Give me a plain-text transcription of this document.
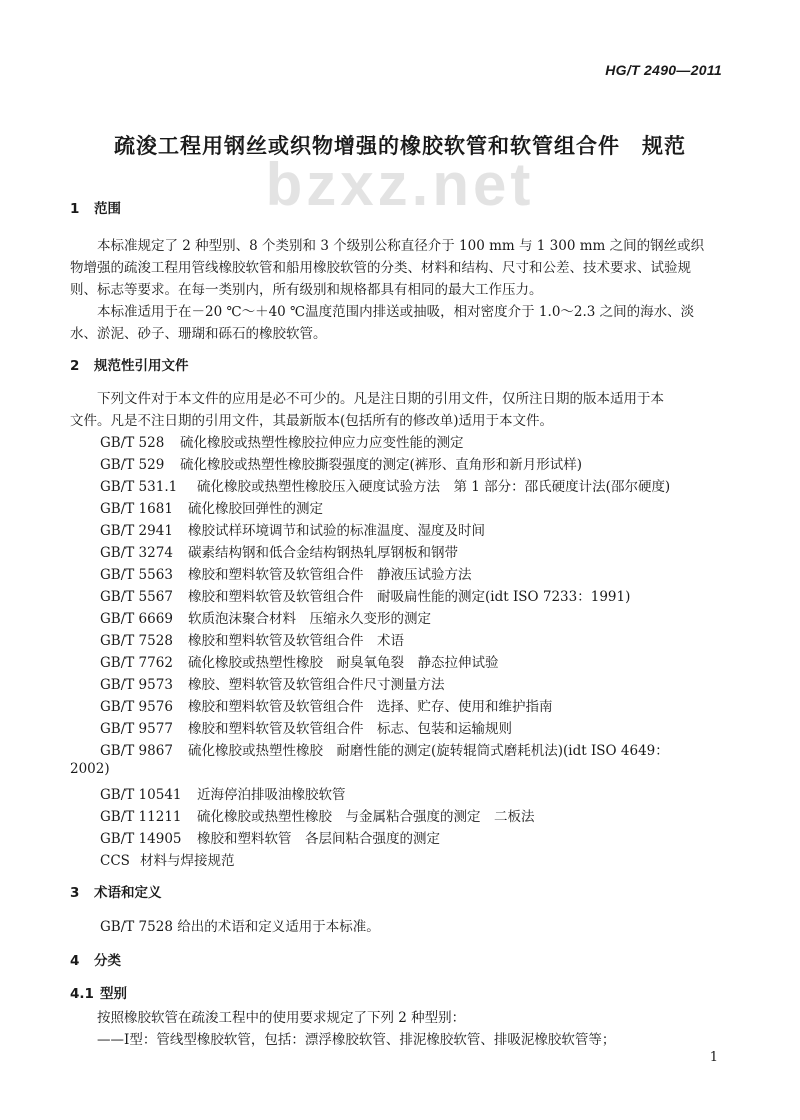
HG/T 2490—2011
bzxz.net
疏浚工程用钢丝或织物增强的橡胶软管和软管组合件　规范
1 范围
本标准规定了 2 种型别、8 个类别和 3 个级别公称直径介于 100 mm 与 1 300 mm 之间的钢丝或织
物增强的疏浚工程用管线橡胶软管和船用橡胶软管的分类、材料和结构、尺寸和公差、技术要求、试验规
则、标志等要求。在每一类别内，所有级别和规格都具有相同的最大工作压力。
本标准适用于在－20 ℃～＋40 ℃温度范围内排送或抽吸，相对密度介于 1.0～2.3 之间的海水、淡
水、淤泥、砂子、珊瑚和砾石的橡胶软管。
2 规范性引用文件
下列文件对于本文件的应用是必不可少的。凡是注日期的引用文件，仅所注日期的版本适用于本
文件。凡是不注日期的引用文件，其最新版本(包括所有的修改单)适用于本文件。
GB/T 528 硫化橡胶或热塑性橡胶拉伸应力应变性能的测定
GB/T 529 硫化橡胶或热塑性橡胶撕裂强度的测定(裤形、直角形和新月形试样)
GB/T 531.1 硫化橡胶或热塑性橡胶压入硬度试验方法　第 1 部分：邵氏硬度计法(邵尔硬度)
GB/T 1681 硫化橡胶回弹性的测定
GB/T 2941 橡胶试样环境调节和试验的标准温度、湿度及时间
GB/T 3274 碳素结构钢和低合金结构钢热轧厚钢板和钢带
GB/T 5563 橡胶和塑料软管及软管组合件　静液压试验方法
GB/T 5567 橡胶和塑料软管及软管组合件　耐吸扁性能的测定(idt ISO 7233：1991)
GB/T 6669 软质泡沫聚合材料　压缩永久变形的测定
GB/T 7528 橡胶和塑料软管及软管组合件　术语
GB/T 7762 硫化橡胶或热塑性橡胶　耐臭氧龟裂　静态拉伸试验
GB/T 9573 橡胶、塑料软管及软管组合件尺寸测量方法
GB/T 9576 橡胶和塑料软管及软管组合件　选择、贮存、使用和维护指南
GB/T 9577 橡胶和塑料软管及软管组合件　标志、包装和运输规则
GB/T 9867 硫化橡胶或热塑性橡胶　耐磨性能的测定(旋转辊筒式磨耗机法)(idt ISO 4649：
2002)
GB/T 10541 近海停泊排吸油橡胶软管
GB/T 11211 硫化橡胶或热塑性橡胶　与金属粘合强度的测定　二板法
GB/T 14905 橡胶和塑料软管　各层间粘合强度的测定
CCS 材料与焊接规范
3 术语和定义
GB/T 7528 给出的术语和定义适用于本标准。
4 分类
4.1 型别
按照橡胶软管在疏浚工程中的使用要求规定了下列 2 种型别：
——Ⅰ型：管线型橡胶软管，包括：漂浮橡胶软管、排泥橡胶软管、排吸泥橡胶软管等；
1
